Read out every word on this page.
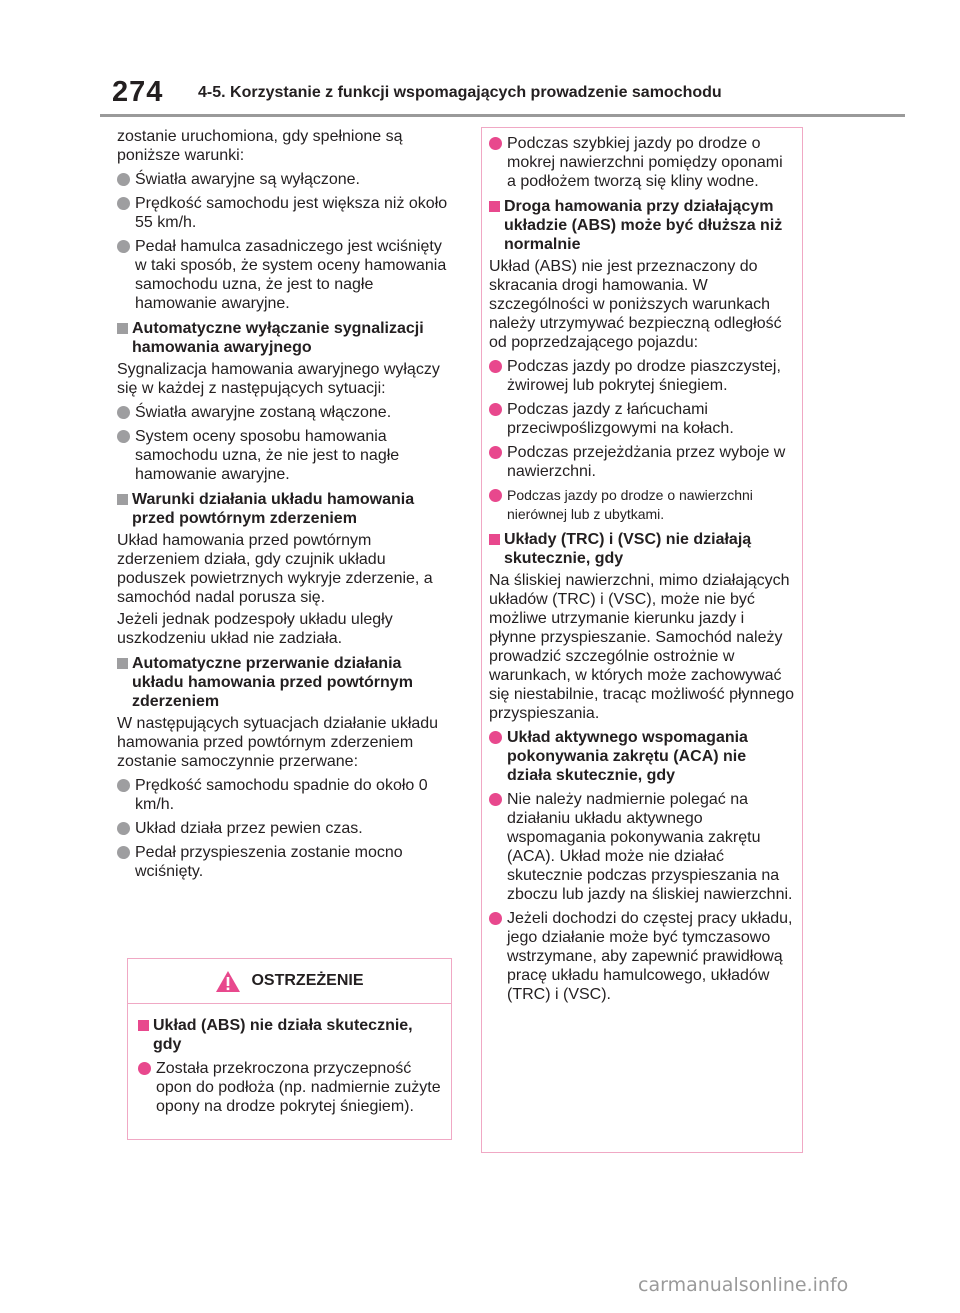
274 4-5. Korzystanie z funkcji wspomagających prowadzenie samochodu

zostanie uruchomiona, gdy spełnione są poniższe warunki:

Światła awaryjne są wyłączone.

Prędkość samochodu jest większa niż około 55 km/h.

Pedał hamulca zasadniczego jest wciśnięty w taki sposób, że system oceny hamowania samochodu uzna, że jest to nagłe hamowanie awaryjne.

Automatyczne wyłączanie sygnalizacji hamowania awaryjnego

Sygnalizacja hamowania awaryjnego wyłączy się w każdej z następujących sytuacji:

Światła awaryjne zostaną włączone.

System oceny sposobu hamowania samochodu uzna, że nie jest to nagłe hamowanie awaryjne.

Warunki działania układu hamowania przed powtórnym zderzeniem

Układ hamowania przed powtórnym zderzeniem działa, gdy czujnik układu poduszek powietrznych wykryje zderzenie, a samochód nadal porusza się.

Jeżeli jednak podzespoły układu uległy uszkodzeniu układ nie zadziała.

Automatyczne przerwanie działania układu hamowania przed powtórnym zderzeniem

W następujących sytuacjach działanie układu hamowania przed powtórnym zderzeniem zostanie samoczynnie przerwane:

Prędkość samochodu spadnie do około 0 km/h.

Układ działa przez pewien czas.

Pedał przyspieszenia zostanie mocno wciśnięty.

OSTRZEŻENIE

Układ (ABS) nie działa skutecznie, gdy

Została przekroczona przyczepność opon do podłoża (np. nadmiernie zużyte opony na drodze pokrytej śniegiem).

Podczas szybkiej jazdy po drodze o mokrej nawierzchni pomiędzy oponami a podłożem tworzą się kliny wodne.

Droga hamowania przy działającym układzie (ABS) może być dłuższa niż normalnie

Układ (ABS) nie jest przeznaczony do skracania drogi hamowania. W szczególności w poniższych warunkach należy utrzymywać bezpieczną odległość od poprzedzającego pojazdu:

Podczas jazdy po drodze piaszczystej, żwirowej lub pokrytej śniegiem.

Podczas jazdy z łańcuchami przeciwpoślizgowymi na kołach.

Podczas przejeżdżania przez wyboje w nawierzchni.

Podczas jazdy po drodze o nawierzchni nierównej lub z ubytkami.

Układy (TRC) i (VSC) nie działają skutecznie, gdy

Na śliskiej nawierzchni, mimo działających układów (TRC) i (VSC), może nie być możliwe utrzymanie kierunku jazdy i płynne przyspieszanie. Samochód należy prowadzić szczególnie ostrożnie w warunkach, w których może zachowywać się niestabilnie, tracąc możliwość płynnego przyspieszania.

Układ aktywnego wspomagania pokonywania zakrętu (ACA) nie działa skutecznie, gdy

Nie należy nadmiernie polegać na działaniu układu aktywnego wspomagania pokonywania zakrętu (ACA). Układ może nie działać skutecznie podczas przyspieszania na zboczu lub jazdy na śliskiej nawierzchni.

Jeżeli dochodzi do częstej pracy układu, jego działanie może być tymczasowo wstrzymane, aby zapewnić prawidłową pracę układu hamulcowego, układów (TRC) i (VSC).

carmanualsonline.info
